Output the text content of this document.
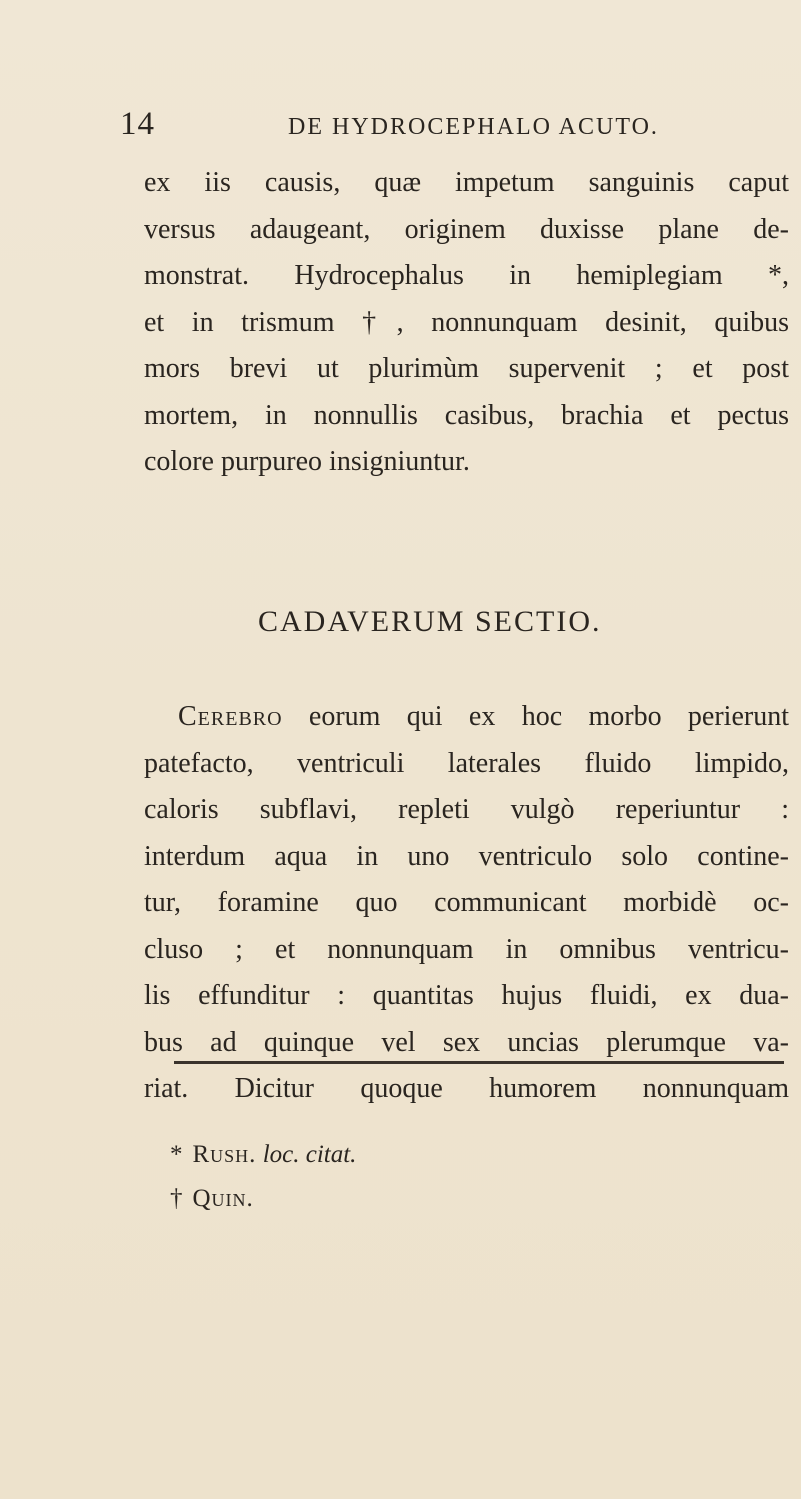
14	DE HYDROCEPHALO ACUTO.
ex iis causis, quæ impetum sanguinis caput
versus adaugeant, originem duxisse plane de-
monstrat. Hydrocephalus in hemiplegiam *,
et in trismum †, nonnunquam desinit, quibus
mors brevi ut plurimùm supervenit ; et post
mortem, in nonnullis casibus, brachia et pectus
colore purpureo insigniuntur.
CADAVERUM SECTIO.
Cerebro eorum qui ex hoc morbo perierunt
patefacto, ventriculi laterales fluido limpido,
caloris subflavi, repleti vulgò reperiuntur :
interdum aqua in uno ventriculo solo contine-
tur, foramine quo communicant morbidè oc-
cluso ; et nonnunquam in omnibus ventricu-
lis effunditur : quantitas hujus fluidi, ex dua-
bus ad quinque vel sex uncias plerumque va-
riat. Dicitur quoque humorem nonnunquam
* Rush. loc. citat.
† Quin.
